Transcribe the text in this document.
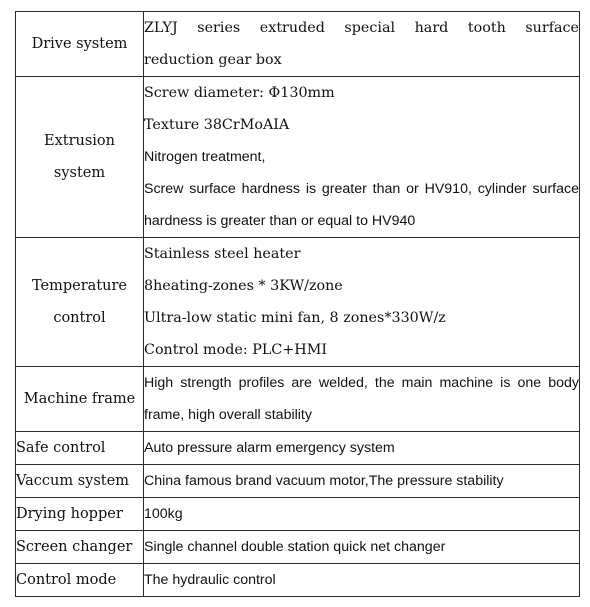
Drive system	ZLYJ series extruded special hard tooth surface
reduction gear box

Extrusion
system	Screw diameter: Φ130mm
Texture 38CrMoAIA
Nitrogen treatment,
Screw surface hardness is greater than or HV910, cylinder surface
hardness is greater than or equal to HV940

Temperature
control	Stainless steel heater
8heating-zones * 3KW/zone
Ultra-low static mini fan, 8 zones*330W/z
Control mode: PLC+HMI

Machine frame	High strength profiles are welded, the main machine is one body
frame, high overall stability

Safe control	Auto pressure alarm emergency system

Vaccum system	China famous brand vacuum motor,The pressure stability

Drying hopper	100kg

Screen changer	Single channel double station quick net changer

Control mode	The hydraulic control
